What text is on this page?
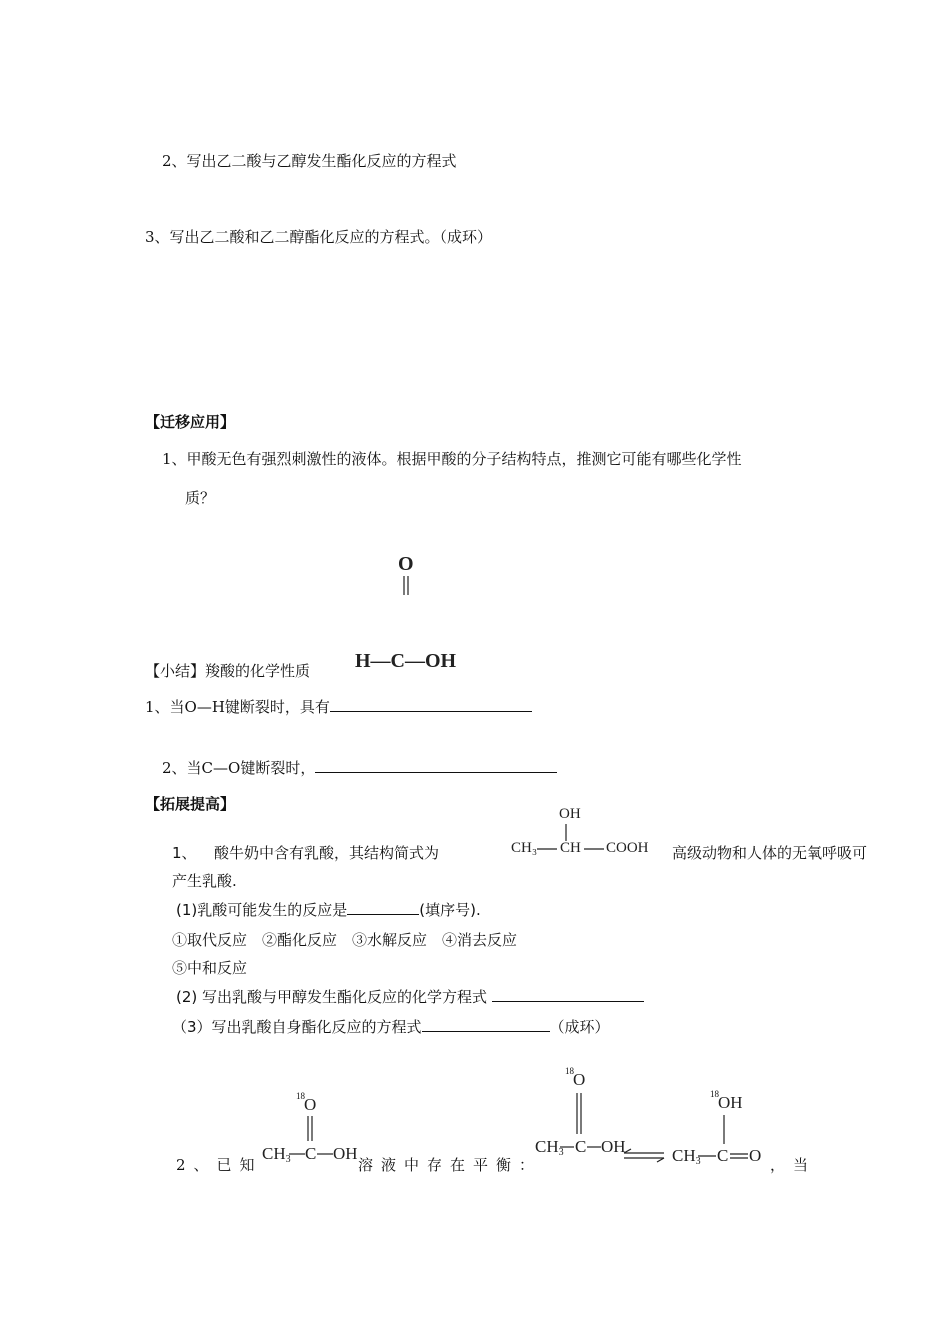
2、写出乙二酸与乙醇发生酯化反应的方程式
3、写出乙二酸和乙二醇酯化反应的方程式。（成环）
【迁移应用】
1、甲酸无色有强烈刺激性的液体。根据甲酸的分子结构特点，推测它可能有哪些化学性
质？
O
H—C—OH
【小结】羧酸的化学性质
1、当O—H键断裂时，具有
2、当C—O键断裂时，
【拓展提高】
1、 酸牛奶中含有乳酸，其结构简式为
OH
CH₃ CH COOH 高级动物和人体的无氧呼吸可
产生乳酸.
(1)乳酸可能发生的反应是	(填序号).
①取代反应　②酯化反应　③水解反应　④消去反应
⑤中和反应
(2) 写出乳酸与甲醇发生酯化反应的化学方程式
（3）写出乳酸自身酯化反应的方程式	（成环）
2、已知
18 O
$CH_3$ C OH
溶液中存在平衡：
18 O
$CH_3$ C OH
18 OH
$CH_3$ C O ，当
